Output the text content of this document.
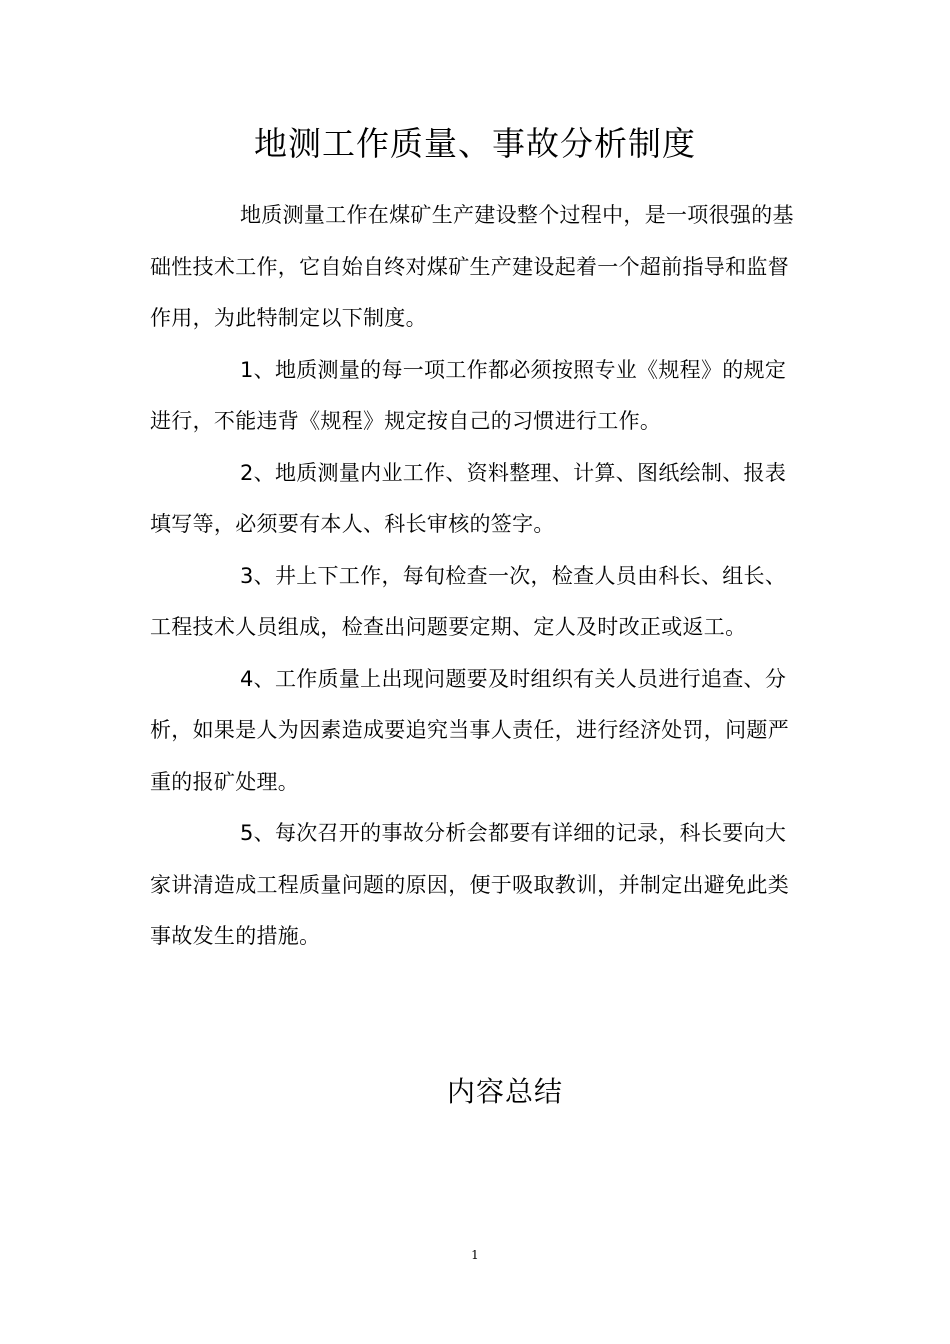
地测工作质量、事故分析制度

地质测量工作在煤矿生产建设整个过程中，是一项很强的基础性技术工作，它自始自终对煤矿生产建设起着一个超前指导和监督作用，为此特制定以下制度。

1、地质测量的每一项工作都必须按照专业《规程》的规定进行，不能违背《规程》规定按自己的习惯进行工作。

2、地质测量内业工作、资料整理、计算、图纸绘制、报表填写等，必须要有本人、科长审核的签字。

3、井上下工作，每旬检查一次，检查人员由科长、组长、工程技术人员组成，检查出问题要定期、定人及时改正或返工。

4、工作质量上出现问题要及时组织有关人员进行追查、分析，如果是人为因素造成要追究当事人责任，进行经济处罚，问题严重的报矿处理。

5、每次召开的事故分析会都要有详细的记录，科长要向大家讲清造成工程质量问题的原因，便于吸取教训，并制定出避免此类事故发生的措施。

内容总结
1
